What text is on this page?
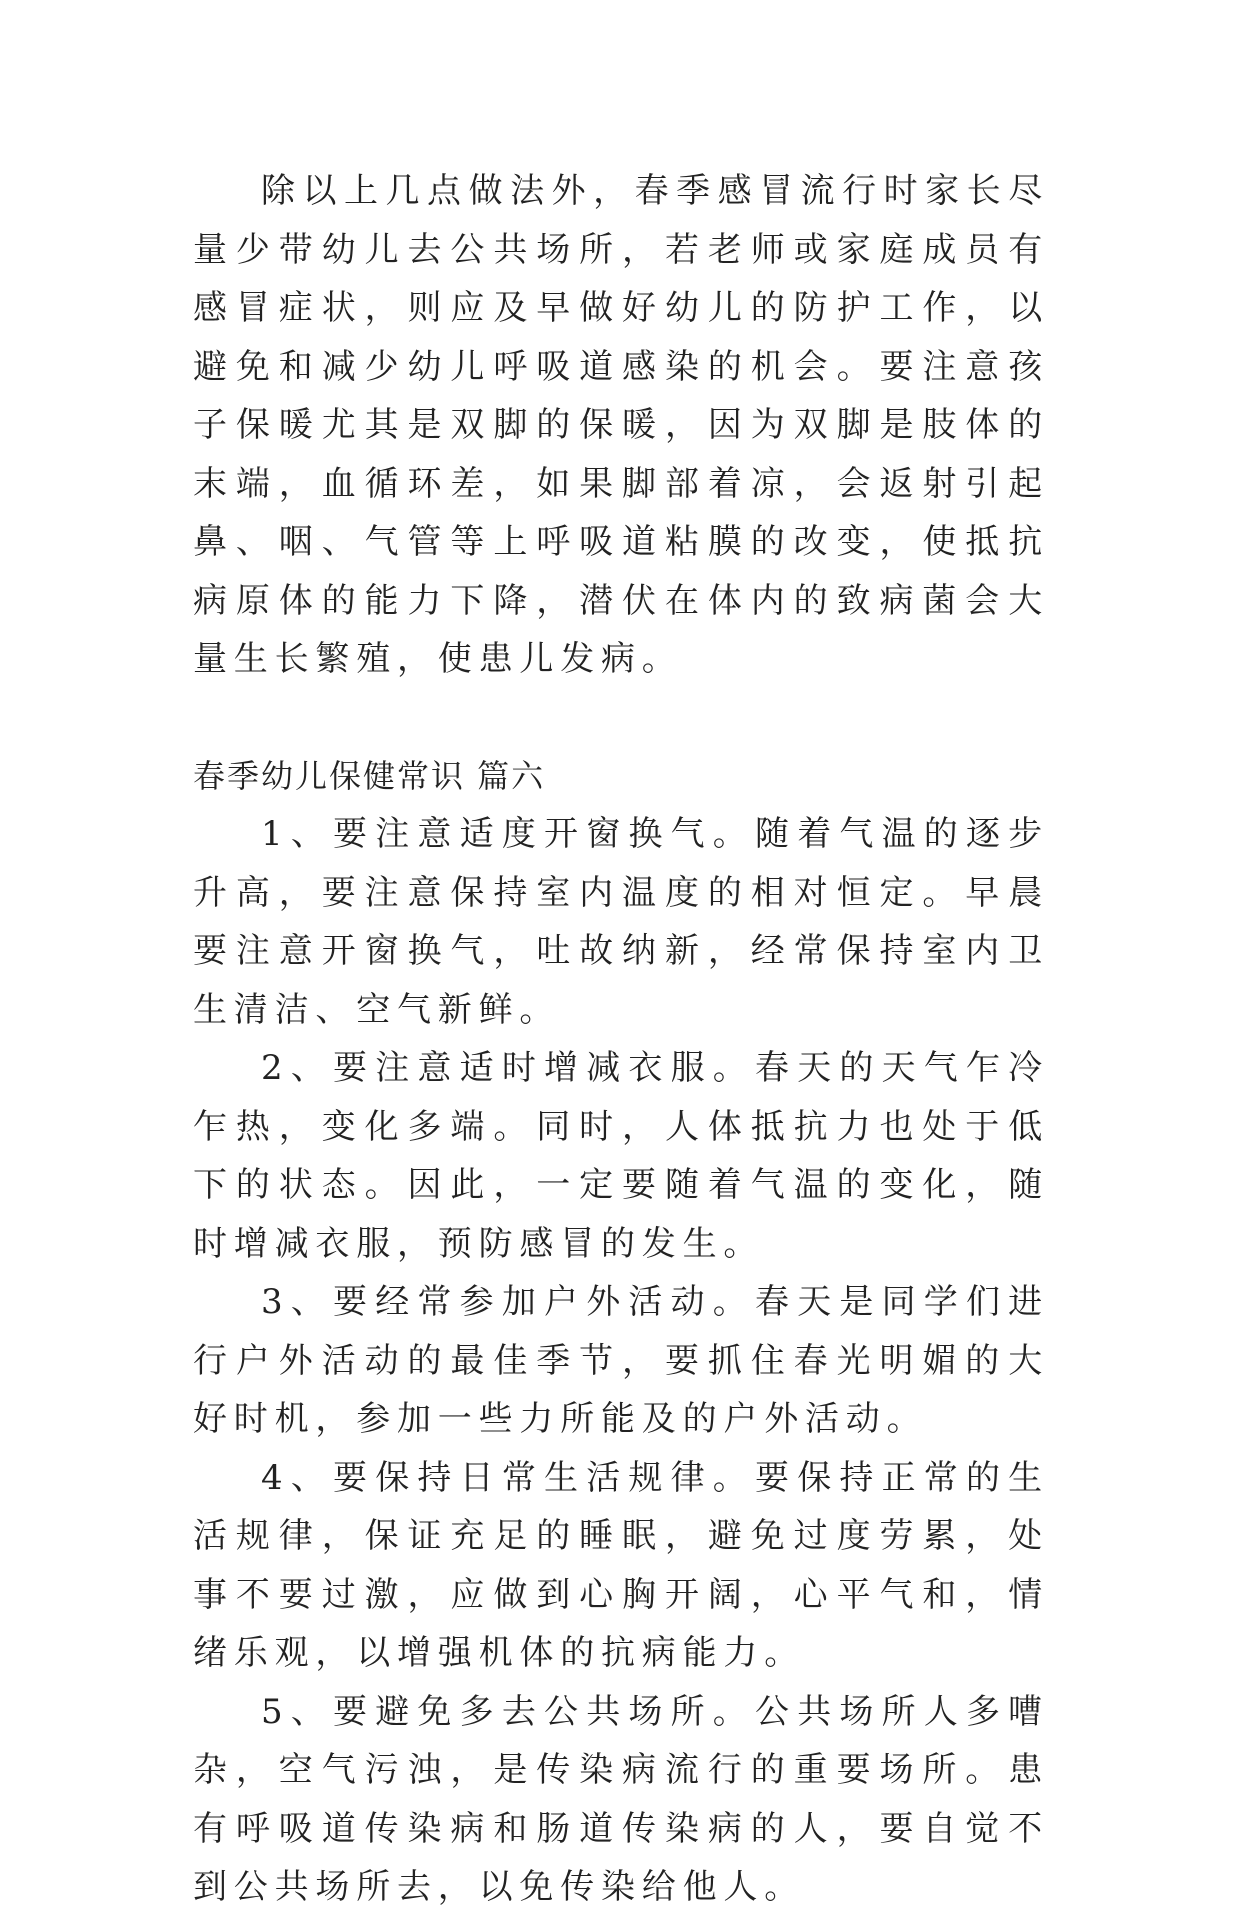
除以上几点做法外，春季感冒流行时家长尽量少带幼儿去公共场所，若老师或家庭成员有感冒症状，则应及早做好幼儿的防护工作，以避免和减少幼儿呼吸道感染的机会。要注意孩子保暖尤其是双脚的保暖，因为双脚是肢体的末端，血循环差，如果脚部着凉，会返射引起鼻、咽、气管等上呼吸道粘膜的改变，使抵抗病原体的能力下降，潜伏在体内的致病菌会大量生长繁殖，使患儿发病。

春季幼儿保健常识 篇六

1、要注意适度开窗换气。随着气温的逐步升高，要注意保持室内温度的相对恒定。早晨要注意开窗换气，吐故纳新，经常保持室内卫生清洁、空气新鲜。

2、要注意适时增减衣服。春天的天气乍冷乍热，变化多端。同时，人体抵抗力也处于低下的状态。因此，一定要随着气温的变化，随时增减衣服，预防感冒的发生。

3、要经常参加户外活动。春天是同学们进行户外活动的最佳季节，要抓住春光明媚的大好时机，参加一些力所能及的户外活动。

4、要保持日常生活规律。要保持正常的生活规律，保证充足的睡眠，避免过度劳累，处事不要过激，应做到心胸开阔，心平气和，情绪乐观，以增强机体的抗病能力。

5、要避免多去公共场所。公共场所人多嘈杂，空气污浊，是传染病流行的重要场所。患有呼吸道传染病和肠道传染病的人，要自觉不到公共场所去，以免传染给他人。
